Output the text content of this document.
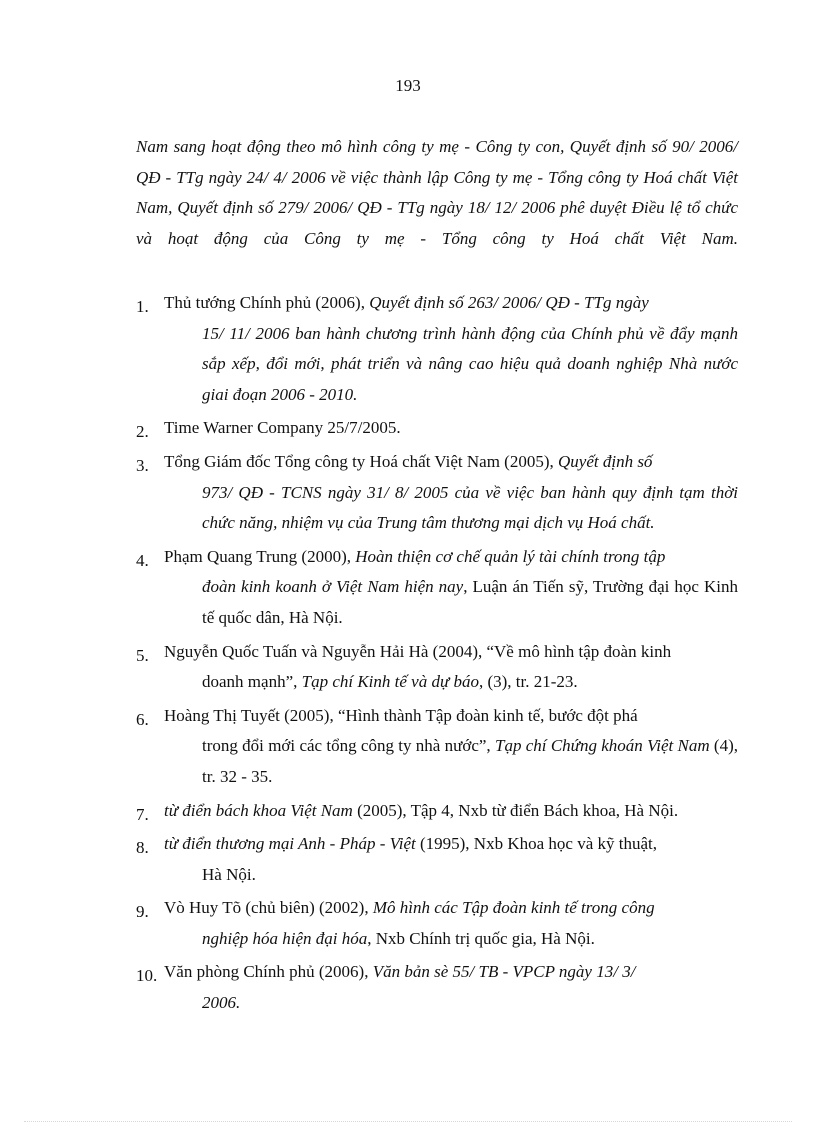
193
Nam sang hoạt động theo mô hình công ty mẹ - Công ty con, Quyết định số 90/ 2006/ QĐ - TTg ngày 24/ 4/ 2006 về việc thành lập Công ty mẹ - Tổng công ty Hoá chất Việt Nam, Quyết định số 279/ 2006/ QĐ - TTg ngày 18/ 12/ 2006 phê duyệt Điều lệ tổ chức và hoạt động của Công ty mẹ - Tổng công ty Hoá chất Việt Nam.
1. Thủ tướng Chính phủ (2006), Quyết định số 263/ 2006/ QĐ - TTg ngày
15/ 11/ 2006 ban hành chương trình hành động của Chính phủ về đẩy mạnh sắp xếp, đổi mới, phát triển và nâng cao hiệu quả doanh nghiệp Nhà nước giai đoạn 2006 - 2010.
2. Time Warner Company 25/7/2005.
3. Tổng Giám đốc Tổng công ty Hoá chất Việt Nam (2005), Quyết định số
973/ QĐ - TCNS ngày 31/ 8/ 2005 của về việc ban hành quy định tạm thời chức năng, nhiệm vụ của Trung tâm thương mại dịch vụ Hoá chất.
4. Phạm Quang Trung (2000), Hoàn thiện cơ chế quản lý tài chính trong tập
đoàn kinh koanh ở Việt Nam hiện nay, Luận án Tiến sỹ, Trường đại học Kinh tế quốc dân, Hà Nội.
5. Nguyễn Quốc Tuấn và Nguyễn Hải Hà (2004), “Về mô hình tập đoàn kinh
doanh mạnh”, Tạp chí Kinh tế và dự báo, (3), tr. 21-23.
6. Hoàng Thị Tuyết (2005), “Hình thành Tập đoàn kinh tế, bước đột phá
trong đổi mới các tổng công ty nhà nước”, Tạp chí Chứng khoán Việt Nam (4), tr. 32 - 35.
7. từ điển bách khoa Việt Nam (2005), Tập 4, Nxb từ điển Bách khoa, Hà Nội.
8. từ điển thương mại Anh - Pháp - Việt (1995), Nxb Khoa học và kỹ thuật,
Hà Nội.
9. Vò Huy Tõ (chủ biên) (2002), Mô hình các Tập đoàn kinh tế trong công
nghiệp hóa hiện đại hóa, Nxb Chính trị quốc gia, Hà Nội.
10. Văn phòng Chính phủ (2006), Văn bản sè 55/ TB - VPCP ngày 13/ 3/
2006.
